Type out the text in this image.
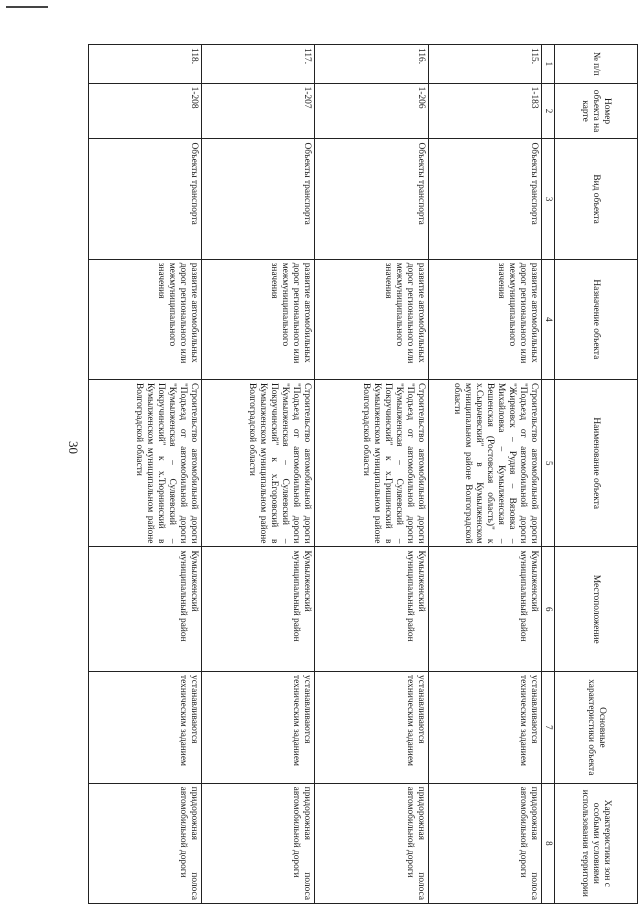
30
№ п/п	Номер объекта на карте	Вид объекта	Назначение объекта	Наименование объекта	Местоположение	Основные характеристики объекта	Характеристики зон с особыми условиями использования территории
1	2	3	4	5	6	7	8
115.	1-183	Объекты транспорта	развитие автомобильных дорог регионального или межмуниципального значения	Строительство автомобильной дороги "Подъезд от автомобильной дороги "Жирновск – Рудня – Вязовка – Михайловка – Кумылженская – Вешенская (Ростовская область)" к х.Сырьчевский" в Кумылженском муниципальном районе Волгоградской области	Кумылженский муниципальный район	устанавливаются техническим заданием	придорожная полоса автомобильной дороги
116.	1-206	Объекты транспорта	развитие автомобильных дорог регионального или межмуниципального значения	Строительство автомобильной дороги "Подъезд от автомобильной дороги "Кумылженская – Суляевский – Покручинский" к х.Гришинский в Кумылженском муниципальном районе Волгоградской области	Кумылженский муниципальный район	устанавливаются техническим заданием	придорожная полоса автомобильной дороги
117.	1-207	Объекты транспорта	развитие автомобильных дорог регионального или межмуниципального значения	Строительство автомобильной дороги "Подъезд от автомобильной дороги "Кумылженская – Суляевский – Покручинский" к х.Егоровский в Кумылженском муниципальном районе Волгоградской области	Кумылженский муниципальный район	устанавливаются техническим заданием	придорожная полоса автомобильной дороги
118.	1-208	Объекты транспорта	развитие автомобильных дорог регионального или межмуниципального значения	Строительство автомобильной дороги "Подъезд от автомобильной дороги "Кумылженская – Суляевский – Покручинский" к х.Тюрнинский в Кумылженском муниципальном районе Волгоградской области	Кумылженский муниципальный район	устанавливаются техническим заданием	придорожная полоса автомобильной дороги
